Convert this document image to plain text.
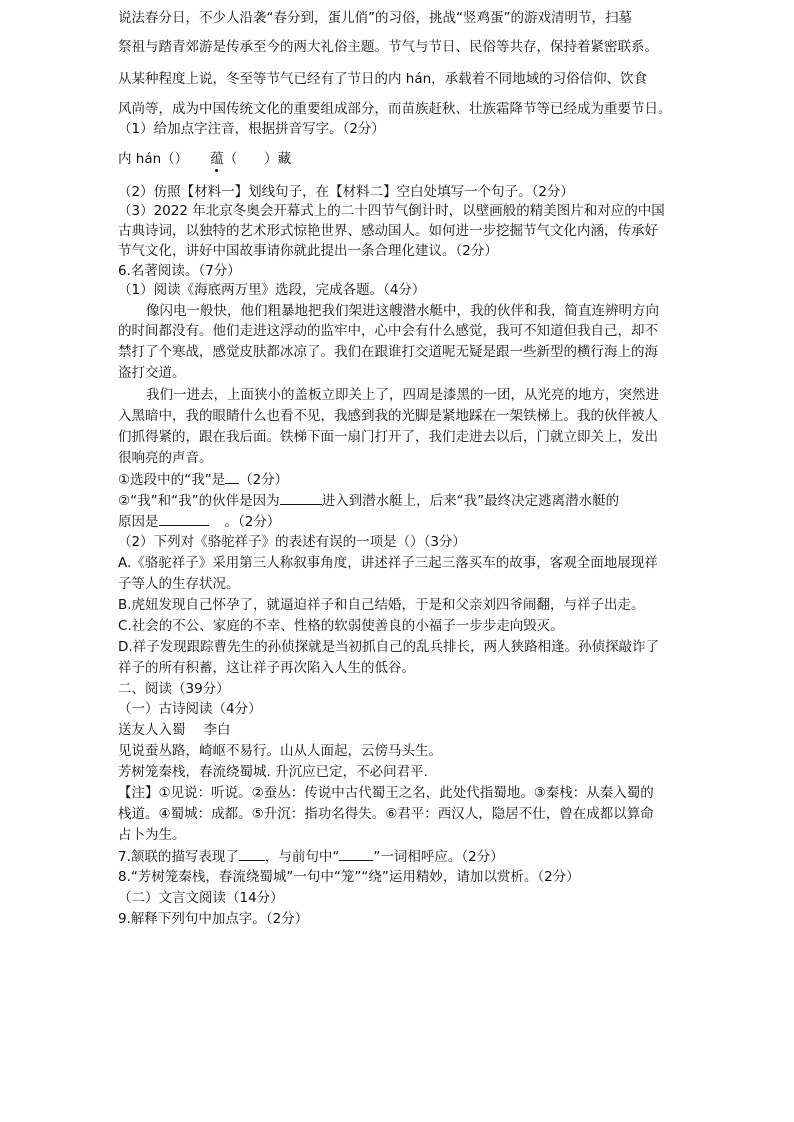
说法春分日，不少人沿袭“春分到，蛋儿俏”的习俗，挑战“竖鸡蛋”的游戏清明节，扫墓
祭祖与踏青郊游是传承至今的两大礼俗主题。节气与节日、民俗等共存，保持着紧密联系。
从某种程度上说，冬至等节气已经有了节日的内 hán，承载着不同地域的习俗信仰、饮食
风尚等，成为中国传统文化的重要组成部分，而苗族赶秋、壮族霜降节等已经成为重要节日。
（1）给加点字注音，根据拼音写字。（2分）
内 hán（） 蕴（　　）藏
（2）仿照【材料一】划线句子，在【材料二】空白处填写一个句子。（2分）
（3）2022 年北京冬奥会开幕式上的二十四节气倒计时，以壁画般的精美图片和对应的中国
古典诗词，以独特的艺术形式惊艳世界、感动国人。如何进一步挖掘节气文化内涵，传承好
节气文化，讲好中国故事请你就此提出一条合理化建议。（2分）
6.名著阅读。（7分）
（1）阅读《海底两万里》选段，完成各题。（4分）
像闪电一般快，他们粗暴地把我们架进这艘潜水艇中，我的伙伴和我，简直连辨明方向
的时间都没有。他们走进这浮动的监牢中，心中会有什么感觉，我可不知道但我自己，却不
禁打了个寒战，感觉皮肤都冰凉了。我们在跟谁打交道呢无疑是跟一些新型的横行海上的海
盗打交道。
我们一进去，上面狭小的盖板立即关上了，四周是漆黑的一团，从光亮的地方，突然进
入黑暗中，我的眼睛什么也看不见，我感到我的光脚是紧地踩在一架铁梯上。我的伙伴被人
们抓得紧的，跟在我后面。铁梯下面一扇门打开了，我们走进去以后，门就立即关上，发出
很响亮的声音。
①选段中的“我”是 （2分）
②“我”和“我”的伙伴是因为	进入到潜水艇上，后来“我”最终决定逃离潜水艇的
原因是	。（2分）
（2）下列对《骆驼祥子》的表述有误的一项是（）（3分）
A.《骆驼祥子》采用第三人称叙事角度，讲述祥子三起三落买车的故事，客观全面地展现祥
子等人的生存状况。
B.虎妞发现自己怀孕了，就逼迫祥子和自己结婚，于是和父亲刘四爷闹翻，与祥子出走。
C.社会的不公、家庭的不幸、性格的软弱使善良的小福子一步步走向毁灭。
D.祥子发现跟踪曹先生的孙侦探就是当初抓自己的乱兵排长，两人狭路相逢。孙侦探敲诈了
祥子的所有积蓄，这让祥子再次陷入人生的低谷。
二、阅读（39分）
（一）古诗阅读（4分）
送友人入蜀 李白
见说蚕丛路，崎岖不易行。山从人面起，云傍马头生。
芳树笼秦栈，春流绕蜀城. 升沉应已定，不必问君平.
【注】①见说：听说。②蚕丛：传说中古代蜀王之名，此处代指蜀地。③秦栈：从秦入蜀的
栈道。④蜀城：成都。⑤升沉：指功名得失。⑥君平：西汉人，隐居不仕，曾在成都以算命
占卜为生。
7.颔联的描写表现了 ，与前句中“	”一词相呼应。（2分）
8.“芳树笼秦栈，春流绕蜀城”一句中“笼”“绕”运用精妙，请加以赏析。（2分）
（二）文言文阅读（14分）
9.解释下列句中加点字。（2分）
